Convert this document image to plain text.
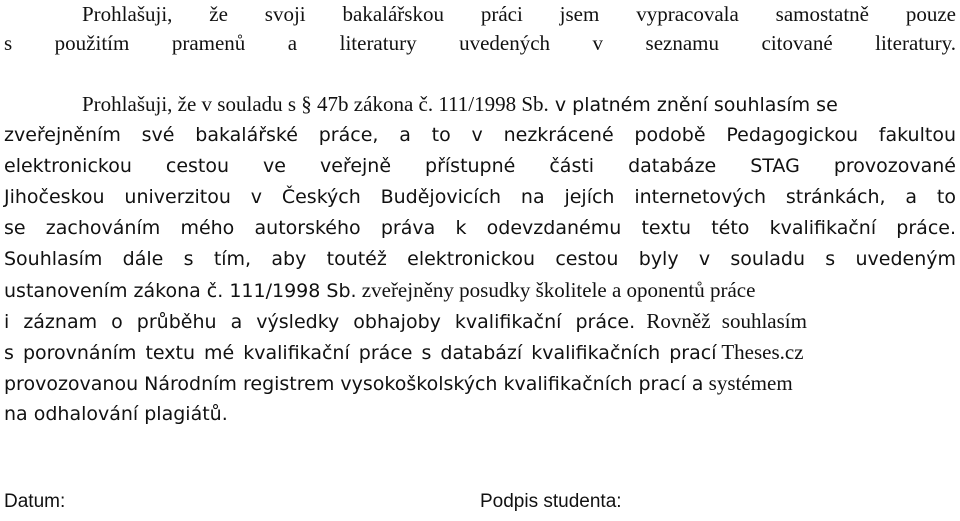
Prohlašuji, že svoji bakalářskou práci jsem vypracovala samostatně pouze
s použitím pramenů a literatury uvedených v seznamu citované literatury.
Prohlašuji, že v souladu s § 47b zákona č. 111/1998 Sb. v platném znění souhlasím se
zveřejněním své bakalářské práce, a to v nezkrácené podobě Pedagogickou fakultou
elektronickou cestou ve veřejně přístupné části databáze STAG provozované
Jihočeskou univerzitou v Českých Budějovicích na jejích internetových stránkách, a to
se zachováním mého autorského práva k odevzdanému textu této kvalifikační práce.
Souhlasím dále s tím, aby toutéž elektronickou cestou byly v souladu s uvedeným
ustanovením zákona č. 111/1998 Sb. zveřejněny posudky školitele a oponentů práce
i záznam o průběhu a výsledky obhajoby kvalifikační práce. Rovněž souhlasím
s porovnáním textu mé kvalifikační práce s databází kvalifikačních prací Theses.cz
provozovanou Národním registrem vysokoškolských kvalifikačních prací a systémem
na odhalování plagiátů.
Datum:	Podpis studenta:
